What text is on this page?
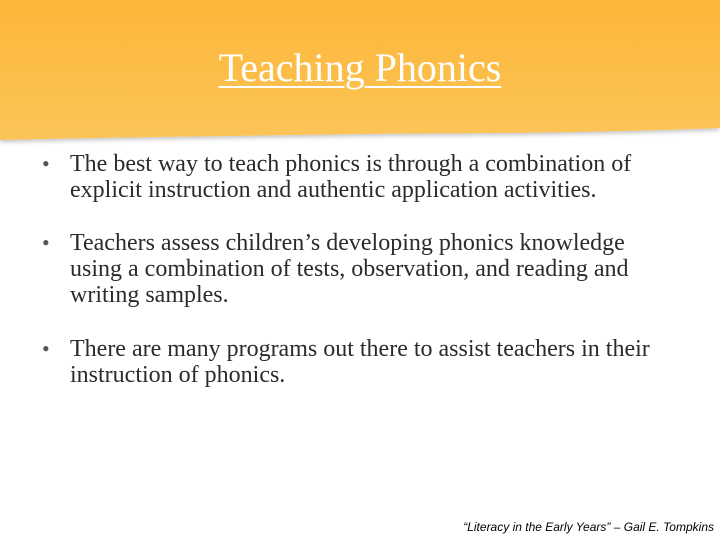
Teaching Phonics
• The best way to teach phonics is through a combination of explicit instruction and authentic application activities.
• Teachers assess children’s developing phonics knowledge using a combination of tests, observation, and reading and writing samples.
• There are many programs out there to assist teachers in their instruction of phonics.
“Literacy in the Early Years” – Gail E. Tompkins
